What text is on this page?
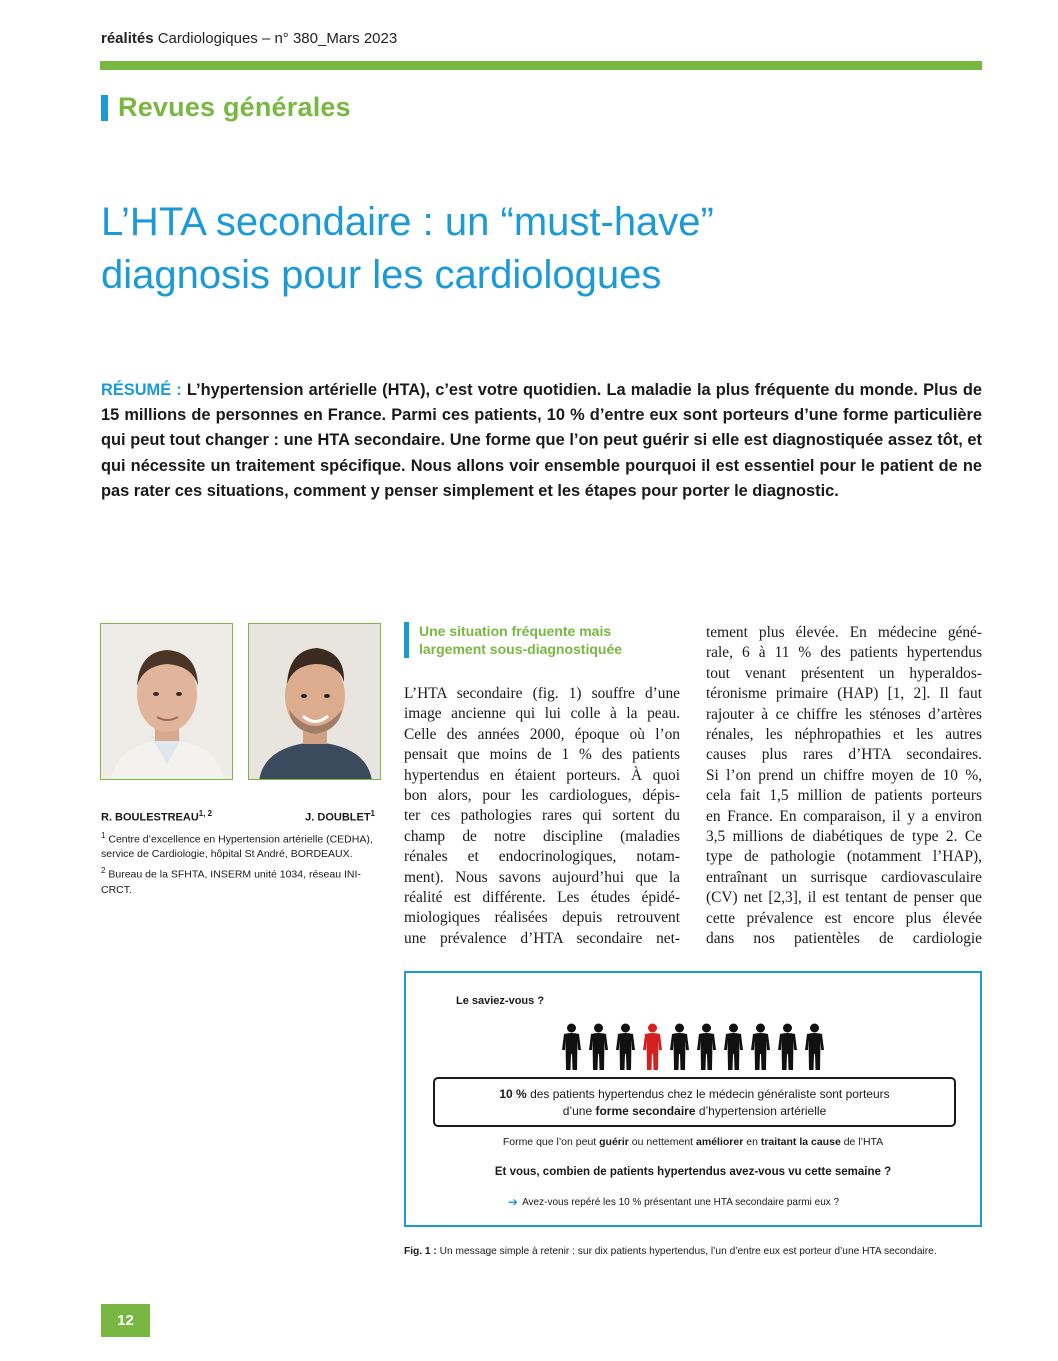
réalités Cardiologiques – n° 380_Mars 2023
Revues générales
L’HTA secondaire : un “must-have”
diagnosis pour les cardiologues
RÉSUMÉ : L’hypertension artérielle (HTA), c’est votre quotidien. La maladie la plus fréquente du monde. Plus de 15 millions de personnes en France. Parmi ces patients, 10 % d’entre eux sont porteurs d’une forme particulière qui peut tout changer : une HTA secondaire. Une forme que l’on peut guérir si elle est diagnostiquée assez tôt, et qui nécessite un traitement spécifique. Nous allons voir ensemble pourquoi il est essentiel pour le patient de ne pas rater ces situations, comment y penser simplement et les étapes pour porter le diagnostic.
R. BOULESTREAU$^{1, 2}$	J. DOUBLET$^1$
$^1$ Centre d’excellence en Hypertension artérielle (CEDHA), service de Cardiologie, hôpital St André, BORDEAUX.
$^2$ Bureau de la SFHTA, INSERM unité 1034, réseau INI-CRCT.
Une situation fréquente mais
largement sous-diagnostiquée
L’HTA secondaire (fig. 1) souffre d’une
image ancienne qui lui colle à la peau.
Celle des années 2000, époque où l’on
pensait que moins de 1 % des patients
hypertendus en étaient porteurs. À quoi
bon alors, pour les cardiologues, dépis-
ter ces pathologies rares qui sortent du
champ de notre discipline (maladies
rénales et endocrinologiques, notam-
ment). Nous savons aujourd’hui que la
réalité est différente. Les études épidé-
miologiques réalisées depuis retrouvent
une prévalence d’HTA secondaire net-
tement plus élevée. En médecine géné-
rale, 6 à 11 % des patients hypertendus
tout venant présentent un hyperaldos-
téronisme primaire (HAP) [1, 2]. Il faut
rajouter à ce chiffre les sténoses d’artères
rénales, les néphropathies et les autres
causes plus rares d’HTA secondaires.
Si l’on prend un chiffre moyen de 10 %,
cela fait 1,5 million de patients porteurs
en France. En comparaison, il y a environ
3,5 millions de diabétiques de type 2. Ce
type de pathologie (notamment l’HAP),
entraînant un surrisque cardiovasculaire
(CV) net [2,3], il est tentant de penser que
cette prévalence est encore plus élevée
dans nos patientèles de cardiologie
Le saviez-vous ?
10 % des patients hypertendus chez le médecin généraliste sont porteurs
d’une forme secondaire d’hypertension artérielle
Forme que l’on peut guérir ou nettement améliorer en traitant la cause de l’HTA
Et vous, combien de patients hypertendus avez-vous vu cette semaine ?
➔ Avez-vous repéré les 10 % présentant une HTA secondaire parmi eux ?
Fig. 1 : Un message simple à retenir : sur dix patients hypertendus, l’un d’entre eux est porteur d’une HTA secondaire.
12
